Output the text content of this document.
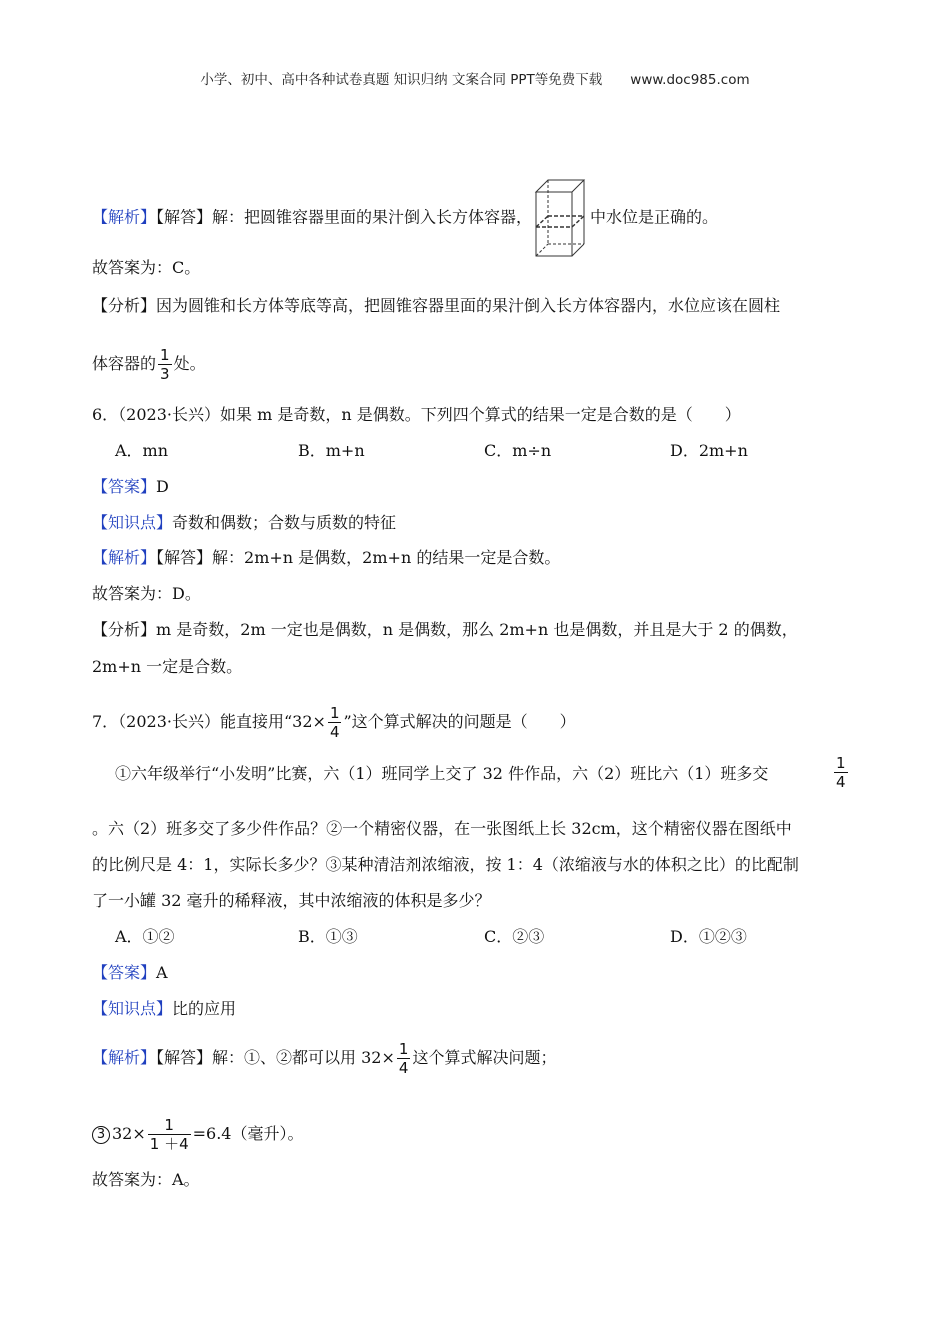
小学、初中、高中各种试卷真题 知识归纳 文案合同 PPT等免费下载 www.doc985.com
【解析】【解答】解：把圆锥容器里面的果汁倒入长方体容器，	中水位是正确的。
故答案为：C。
【分析】因为圆锥和长方体等底等高，把圆锥容器里面的果汁倒入长方体容器内，水位应该在圆柱
体容器的 $\frac{1}{3}$ 处。
6．（2023·长兴）如果 m 是奇数，n 是偶数。下列四个算式的结果一定是合数的是（　　）
A．mn	B．m+n	C．m÷n	D．2m+n
【答案】D
【知识点】奇数和偶数；合数与质数的特征
【解析】【解答】解：2m+n 是偶数，2m+n 的结果一定是合数。
故答案为：D。
【分析】m 是奇数，2m 一定也是偶数，n 是偶数，那么 2m+n 也是偶数，并且是大于 2 的偶数，
2m+n 一定是合数。
7．（2023·长兴）能直接用“$32\times \frac{1}{4}$ ”这个算式解决的问题是（　　）
①六年级举行“小发明”比赛，六（1）班同学上交了 32 件作品，六（2）班比六（1）班多交	$\frac{1}{4}$
。六（2）班多交了多少件作品？②一个精密仪器，在一张图纸上长 32cm，这个精密仪器在图纸中
的比例尺是 4：1，实际长多少？③某种清洁剂浓缩液，按 1：4（浓缩液与水的体积之比）的比配制
了一小罐 32 毫升的稀释液，其中浓缩液的体积是多少？
A．①②	B．①③	C．②③	D．①②③
【答案】A
【知识点】比的应用
【解析】【解答】解：①、②都可以用 $32\times \frac{1}{4}$ 这个算式解决问题；
3 $32\times \frac{1}{1 +4} =6.4$（毫升）。
故答案为：A。
